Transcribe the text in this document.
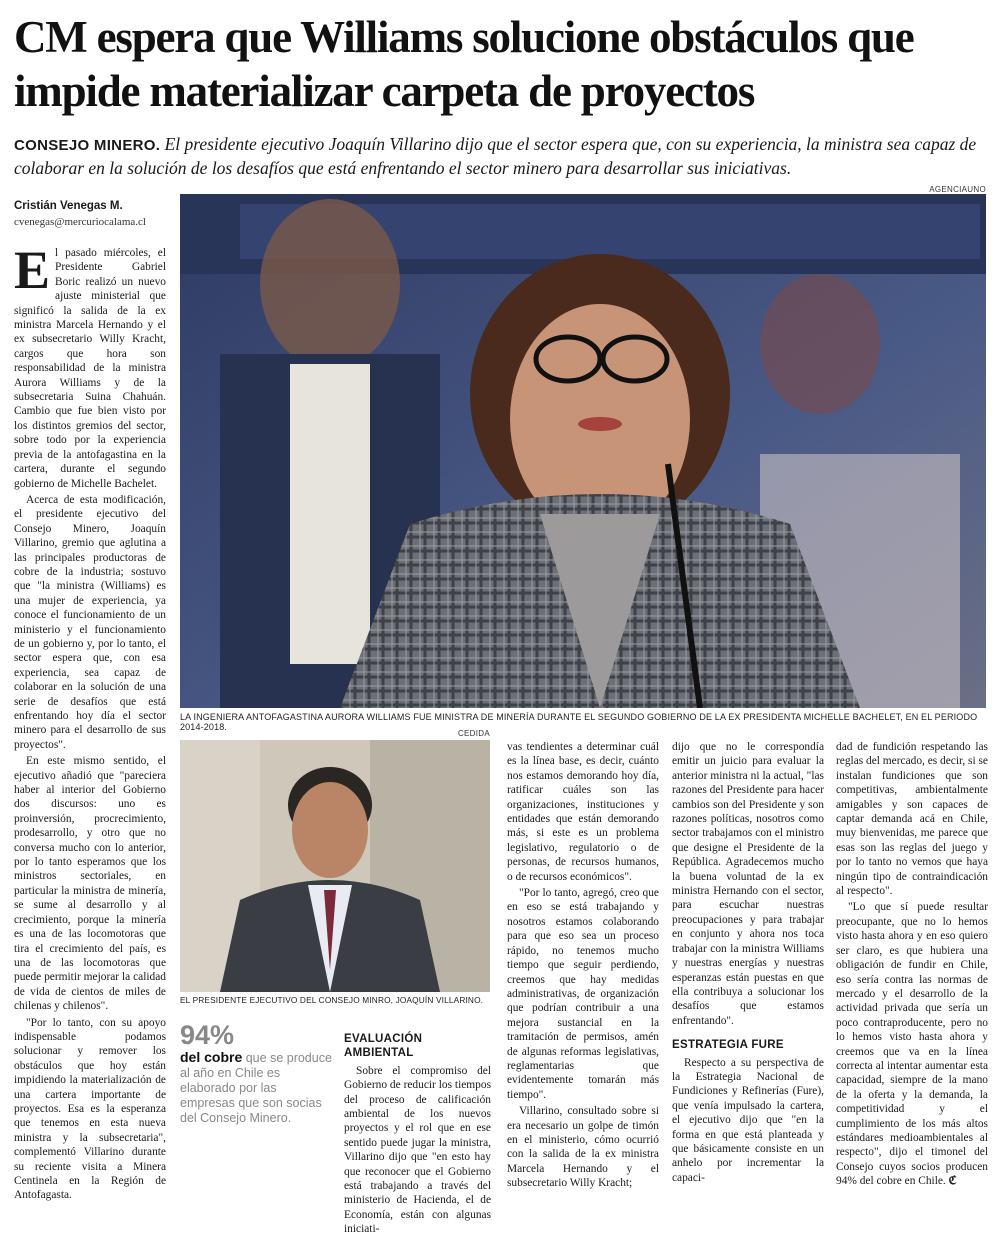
CM espera que Williams solucione obstáculos que impide materializar carpeta de proyectos
CONSEJO MINERO. El presidente ejecutivo Joaquín Villarino dijo que el sector espera que, con su experiencia, la ministra sea capaz de colaborar en la solución de los desafíos que está enfrentando el sector minero para desarrollar sus iniciativas.
Cristián Venegas M.
cvenegas@mercuriocalama.cl
AGENCIAUNO
LA INGENIERA ANTOFAGASTINA AURORA WILLIAMS FUE MINISTRA DE MINERÍA DURANTE EL SEGUNDO GOBIERNO DE LA EX PRESIDENTA MICHELLE BACHELET, EN EL PERIODO 2014-2018.
CEDIDA
EL PRESIDENTE EJECUTIVO DEL CONSEJO MINRO, JOAQUÍN VILLARINO.
94%
del cobre que se produce al año en Chile es elaborado por las empresas que son socias del Consejo Minero.

El pasado miércoles, el Presidente Gabriel Boric realizó un nuevo ajuste ministerial que significó la salida de la ex ministra Marcela Hernando y el ex subsecretario Willy Kracht, cargos que hora son responsabilidad de la ministra Aurora Williams y de la subsecretaria Suina Chahuán. Cambio que fue bien visto por los distintos gremios del sector, sobre todo por la experiencia previa de la antofagastina en la cartera, durante el segundo gobierno de Michelle Bachelet.

Acerca de esta modificación, el presidente ejecutivo del Consejo Minero, Joaquín Villarino, gremio que aglutina a las principales productoras de cobre de la industria; sostuvo que "la ministra (Williams) es una mujer de experiencia, ya conoce el funcionamiento de un ministerio y el funcionamiento de un gobierno y, por lo tanto, el sector espera que, con esa experiencia, sea capaz de colaborar en la solución de una serie de desafíos que está enfrentando hoy día el sector minero para el desarrollo de sus proyectos".

En este mismo sentido, el ejecutivo añadió que "pareciera haber al interior del Gobierno dos discursos: uno es proinversión, procrecimiento, prodesarrollo, y otro que no conversa mucho con lo anterior, por lo tanto esperamos que los ministros sectoriales, en particular la ministra de minería, se sume al desarrollo y al crecimiento, porque la minería es una de las locomotoras que tira el crecimiento del país, es una de las locomotoras que puede permitir mejorar la calidad de vida de cientos de miles de chilenas y chilenos".

"Por lo tanto, con su apoyo indispensable podamos solucionar y remover los obstáculos que hoy están impidiendo la materialización de una cartera importante de proyectos. Esa es la esperanza que tenemos en esta nueva ministra y la subsecretaria", complementó Villarino durante su reciente visita a Minera Centinela en la Región de Antofagasta.

EVALUACIÓN AMBIENTAL

Sobre el compromiso del Gobierno de reducir los tiempos del proceso de calificación ambiental de los nuevos proyectos y el rol que en ese sentido puede jugar la ministra, Villarino dijo que "en esto hay que reconocer que el Gobierno está trabajando a través del ministerio de Hacienda, el de Economía, están con algunas iniciati-

vas tendientes a determinar cuál es la línea base, es decir, cuánto nos estamos demorando hoy día, ratificar cuáles son las organizaciones, instituciones y entidades que están demorando más, si este es un problema legislativo, regulatorio o de personas, de recursos humanos, o de recursos económicos".

"Por lo tanto, agregó, creo que en eso se está trabajando y nosotros estamos colaborando para que eso sea un proceso rápido, no tenemos mucho tiempo que seguir perdiendo, creemos que hay medidas administrativas, de organización que podrían contribuir a una mejora sustancial en la tramitación de permisos, amén de algunas reformas legislativas, reglamentarias que evidentemente tomarán más tiempo".

Villarino, consultado sobre si era necesario un golpe de timón en el ministerio, cómo ocurrió con la salida de la ex ministra Marcela Hernando y el subsecretario Willy Kracht;

dijo que no le correspondía emitir un juicio para evaluar la anterior ministra ni la actual, "las razones del Presidente para hacer cambios son del Presidente y son razones políticas, nosotros como sector trabajamos con el ministro que designe el Presidente de la República. Agradecemos mucho la buena voluntad de la ex ministra Hernando con el sector, para escuchar nuestras preocupaciones y para trabajar en conjunto y ahora nos toca trabajar con la ministra Williams y nuestras energías y nuestras esperanzas están puestas en que ella contribuya a solucionar los desafíos que estamos enfrentando".

ESTRATEGIA FURE

Respecto a su perspectiva de la Estrategia Nacional de Fundiciones y Refinerías (Fure), que venía impulsado la cartera, el ejecutivo dijo que "en la forma en que está planteada y que básicamente consiste en un anhelo por incrementar la capaci-

dad de fundición respetando las reglas del mercado, es decir, si se instalan fundiciones que son competitivas, ambientalmente amigables y son capaces de captar demanda acá en Chile, muy bienvenidas, me parece que esas son las reglas del juego y por lo tanto no vemos que haya ningún tipo de contraindicación al respecto".

"Lo que sí puede resultar preocupante, que no lo hemos visto hasta ahora y en eso quiero ser claro, es que hubiera una obligación de fundir en Chile, eso sería contra las normas de mercado y el desarrollo de la actividad privada que sería un poco contraproducente, pero no lo hemos visto hasta ahora y creemos que va en la línea correcta al intentar aumentar esta capacidad, siempre de la mano de la oferta y la demanda, la competitividad y el cumplimiento de los más altos estándares medioambientales al respecto", dijo el timonel del Consejo cuyos socios producen 94% del cobre en Chile. ℭ
